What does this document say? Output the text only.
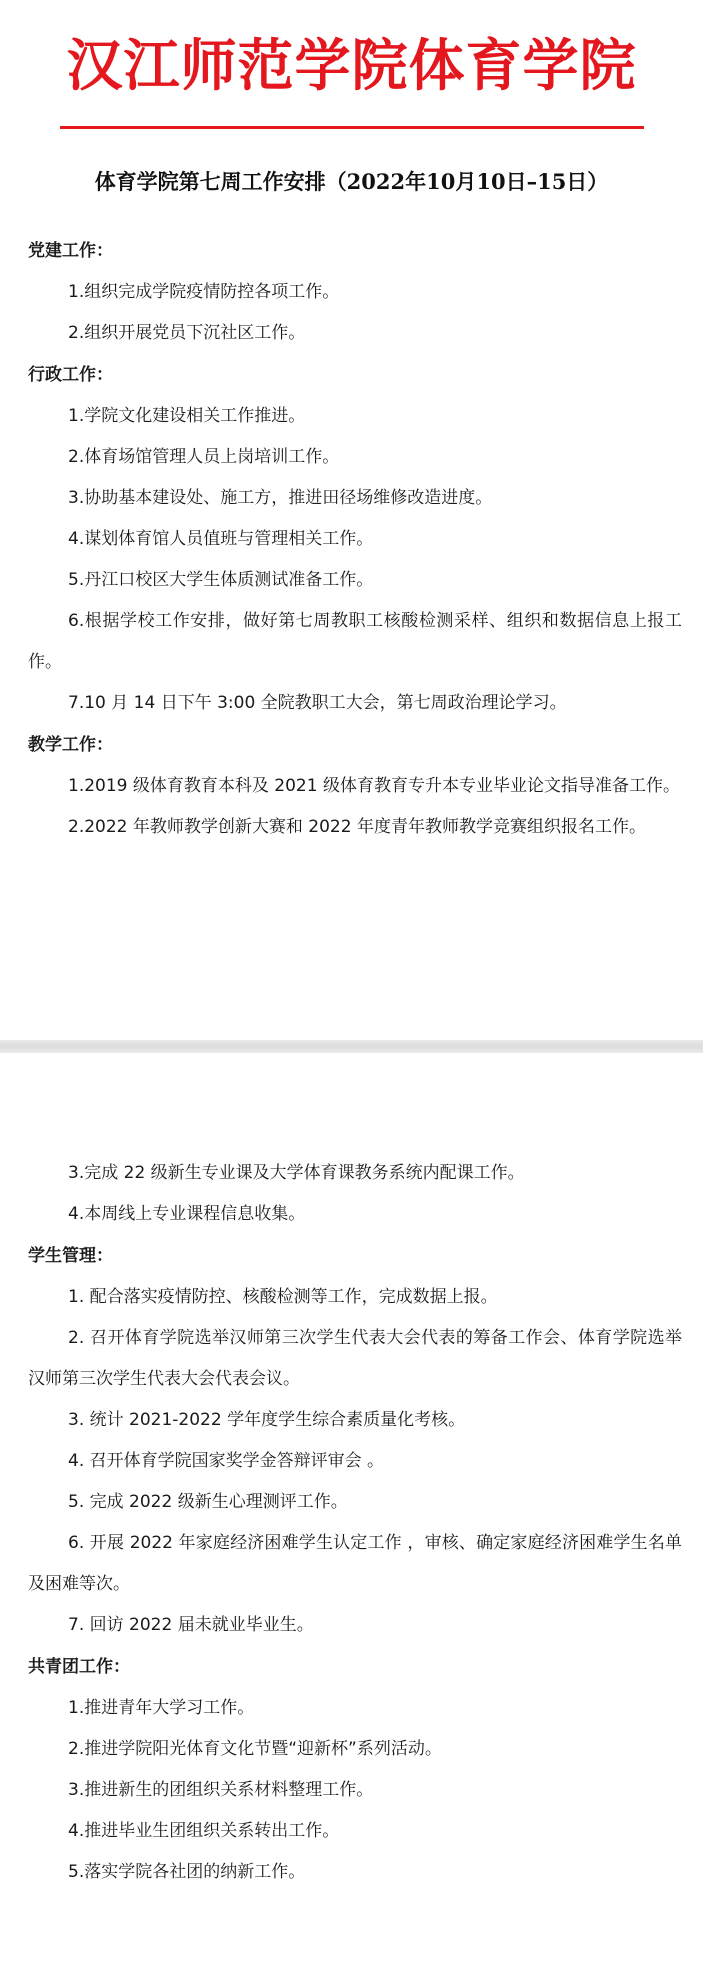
汉江师范学院体育学院
体育学院第七周工作安排（2022年10月10日–15日）

党建工作：

1.组织完成学院疫情防控各项工作。

2.组织开展党员下沉社区工作。

行政工作：

1.学院文化建设相关工作推进。

2.体育场馆管理人员上岗培训工作。

3.协助基本建设处、施工方，推进田径场维修改造进度。

4.谋划体育馆人员值班与管理相关工作。

5.丹江口校区大学生体质测试准备工作。

6.根据学校工作安排，做好第七周教职工核酸检测采样、组织和数据信息上报工作。

7.10 月 14 日下午 3:00 全院教职工大会，第七周政治理论学习。

教学工作：

1.2019 级体育教育本科及 2021 级体育教育专升本专业毕业论文指导准备工作。

2.2022 年教师教学创新大赛和 2022 年度青年教师教学竞赛组织报名工作。

3.完成 22 级新生专业课及大学体育课教务系统内配课工作。

4.本周线上专业课程信息收集。

学生管理：

1. 配合落实疫情防控、核酸检测等工作，完成数据上报。

2. 召开体育学院选举汉师第三次学生代表大会代表的筹备工作会、体育学院选举汉师第三次学生代表大会代表会议。

3. 统计 2021-2022 学年度学生综合素质量化考核。

4. 召开体育学院国家奖学金答辩评审会 。

5. 完成 2022 级新生心理测评工作。

6. 开展 2022 年家庭经济困难学生认定工作 ，审核、确定家庭经济困难学生名单及困难等次。

7. 回访 2022 届未就业毕业生。

共青团工作：

1.推进青年大学习工作。

2.推进学院阳光体育文化节暨“迎新杯”系列活动。

3.推进新生的团组织关系材料整理工作。

4.推进毕业生团组织关系转出工作。

5.落实学院各社团的纳新工作。
